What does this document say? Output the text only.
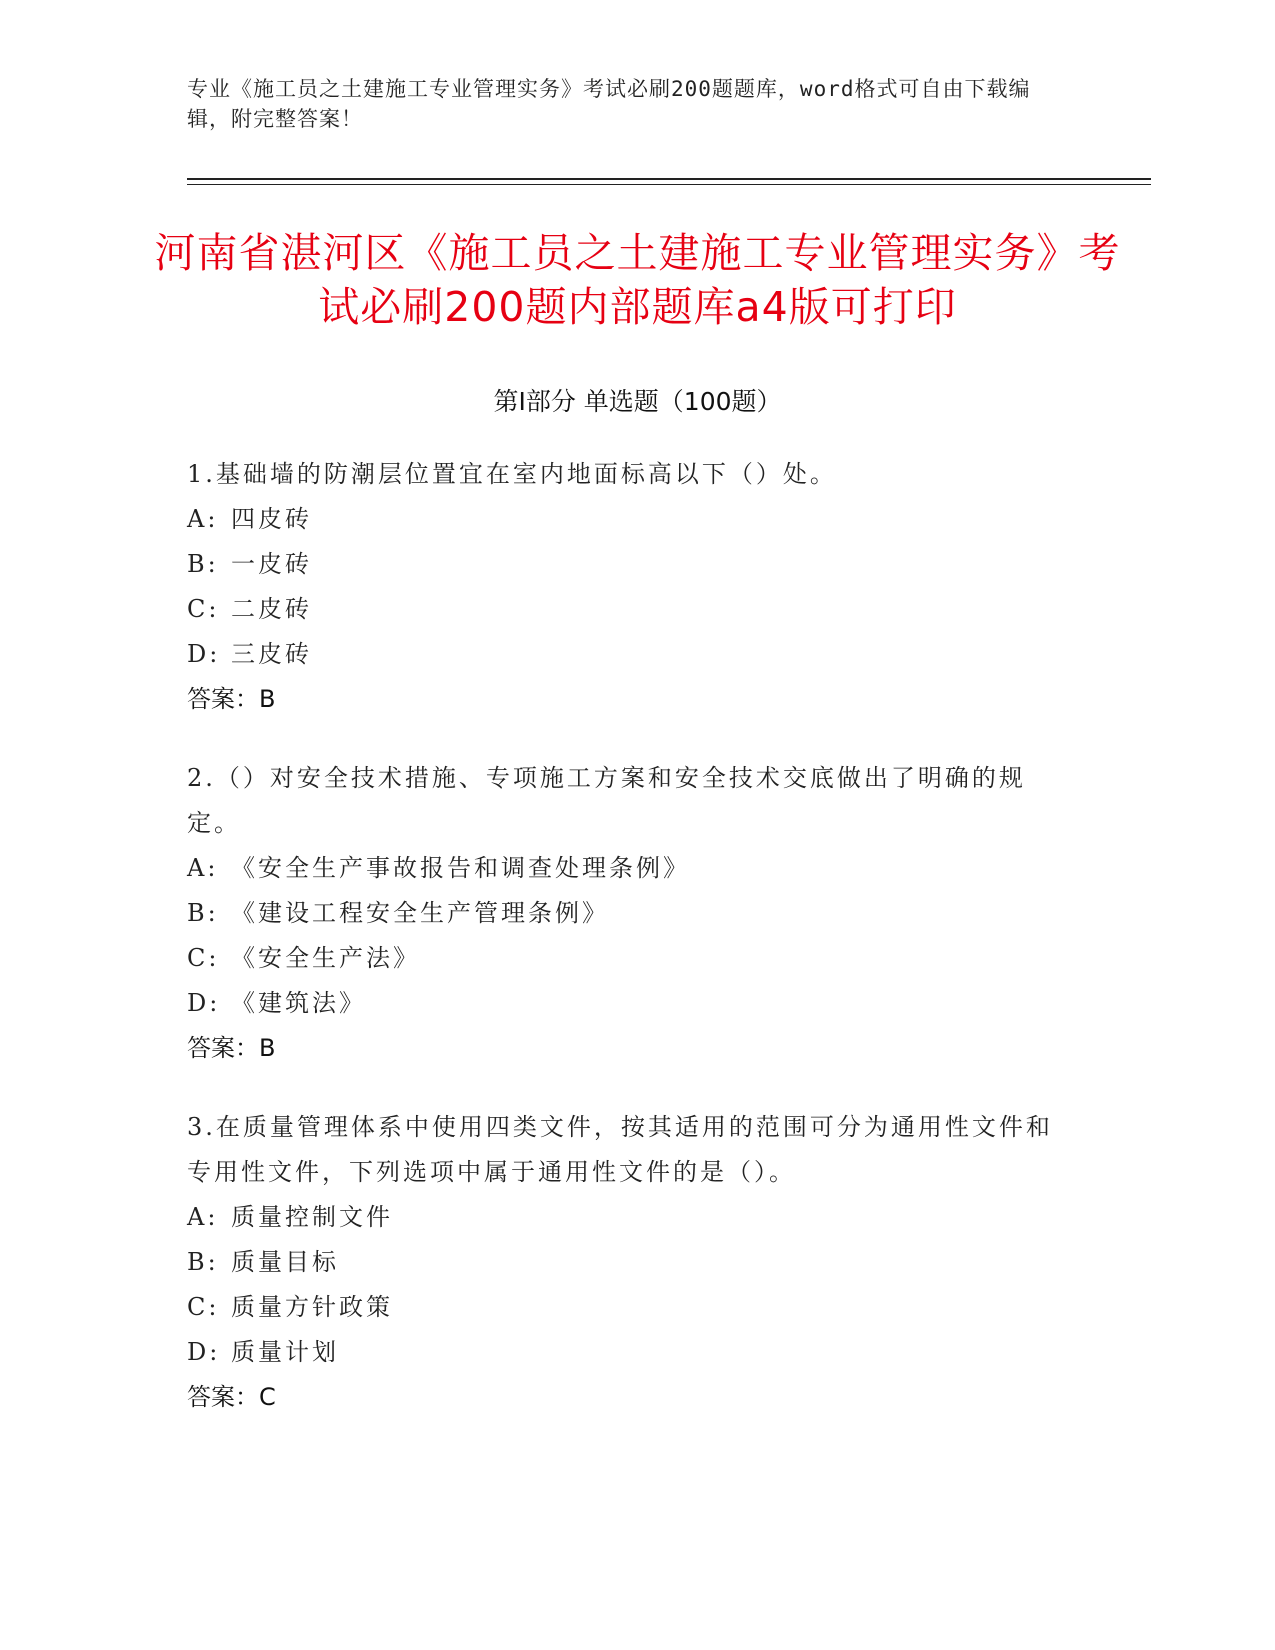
专业《施工员之土建施工专业管理实务》考试必刷200题题库，word格式可自由下载编辑，附完整答案！
河南省湛河区《施工员之土建施工专业管理实务》考试必刷200题内部题库a4版可打印
第Ⅰ部分 单选题（100题）
1.基础墙的防潮层位置宜在室内地面标高以下（）处。
A: 四皮砖
B: 一皮砖
C: 二皮砖
D: 三皮砖
答案：B
2.（）对安全技术措施、专项施工方案和安全技术交底做出了明确的规定。
A: 《安全生产事故报告和调查处理条例》
B: 《建设工程安全生产管理条例》
C: 《安全生产法》
D: 《建筑法》
答案：B
3.在质量管理体系中使用四类文件，按其适用的范围可分为通用性文件和专用性文件，下列选项中属于通用性文件的是（）。
A: 质量控制文件
B: 质量目标
C: 质量方针政策
D: 质量计划
答案：C
